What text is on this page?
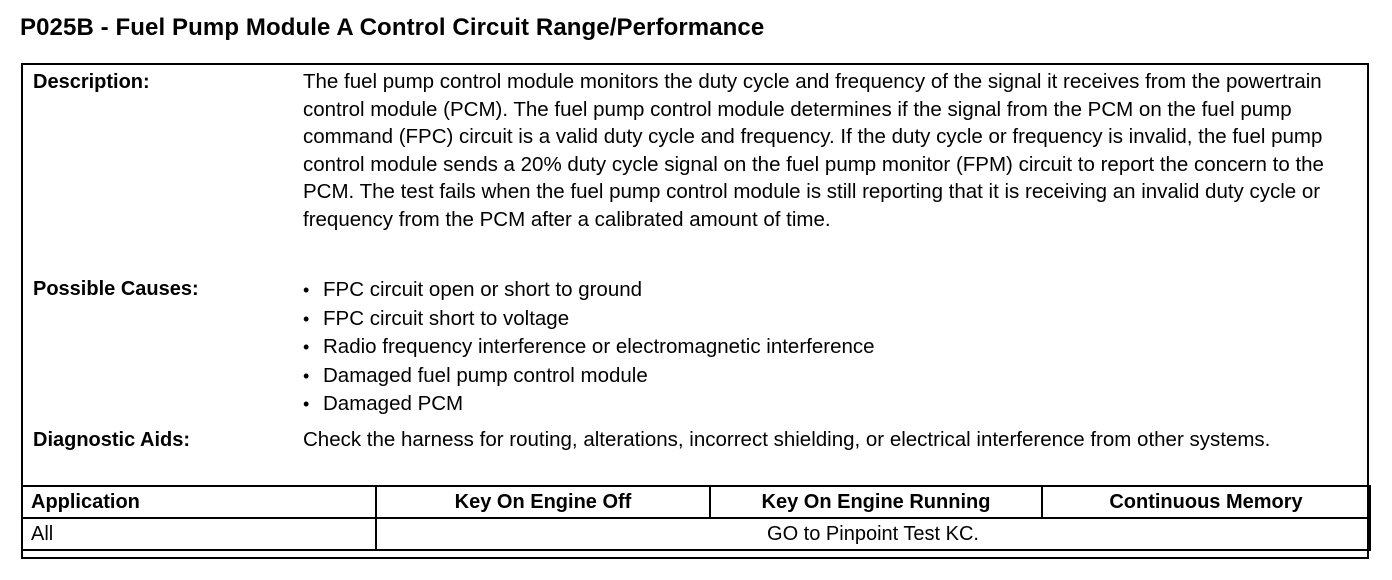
P025B - Fuel Pump Module A Control Circuit Range/Performance
Description:	The fuel pump control module monitors the duty cycle and frequency of the signal it receives from the powertrain control module (PCM). The fuel pump control module determines if the signal from the PCM on the fuel pump command (FPC) circuit is a valid duty cycle and frequency. If the duty cycle or frequency is invalid, the fuel pump control module sends a 20% duty cycle signal on the fuel pump monitor (FPM) circuit to report the concern to the PCM. The test fails when the fuel pump control module is still reporting that it is receiving an invalid duty cycle or frequency from the PCM after a calibrated amount of time.
Possible Causes:	• FPC circuit open or short to ground
• FPC circuit short to voltage
• Radio frequency interference or electromagnetic interference
• Damaged fuel pump control module
• Damaged PCM
Diagnostic Aids:	Check the harness for routing, alterations, incorrect shielding, or electrical interference from other systems.
Application	Key On Engine Off	Key On Engine Running	Continuous Memory
All	GO to Pinpoint Test KC.		
